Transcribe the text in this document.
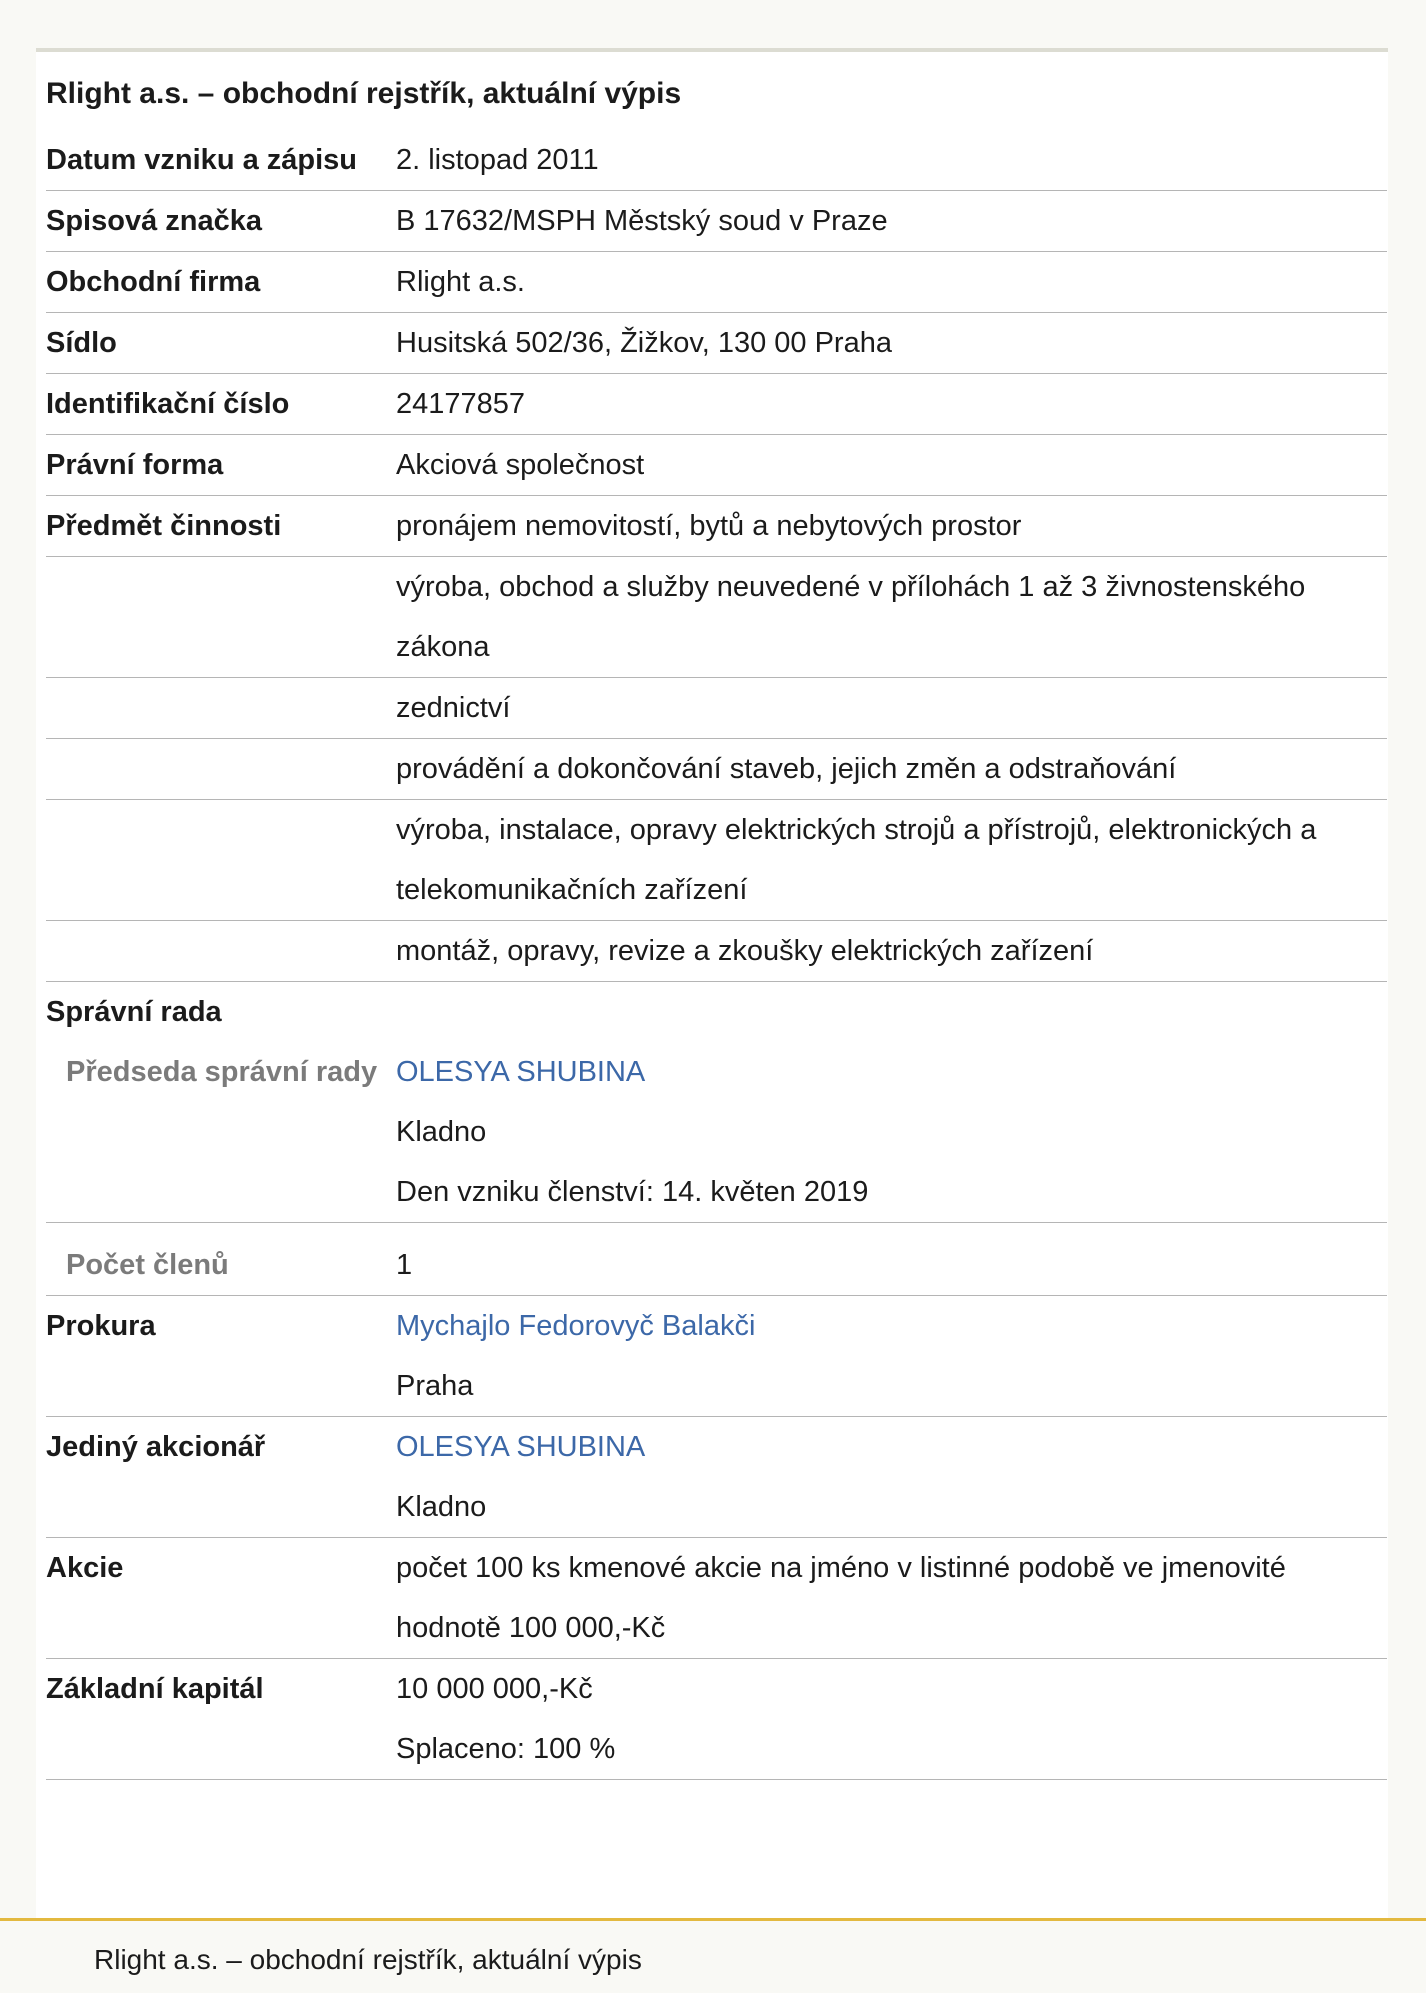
Rlight a.s. – obchodní rejstřík, aktuální výpis
Datum vzniku a zápisu	2. listopad 2011
Spisová značka	B 17632/MSPH Městský soud v Praze
Obchodní firma	Rlight a.s.
Sídlo	Husitská 502/36, Žižkov, 130 00 Praha
Identifikační číslo	24177857
Právní forma	Akciová společnost
Předmět činnosti	pronájem nemovitostí, bytů a nebytových prostor
	výroba, obchod a služby neuvedené v přílohách 1 až 3 živnostenského zákona
	zednictví
	provádění a dokončování staveb, jejich změn a odstraňování
	výroba, instalace, opravy elektrických strojů a přístrojů, elektronických a telekomunikačních zařízení
	montáž, opravy, revize a zkoušky elektrických zařízení
Správní rada	
Předseda správní rady	OLESYA SHUBINA
Kladno
Den vzniku členství: 14. květen 2019

Počet členů	1
Prokura	Mychajlo Fedorovyč Balakči
Praha

Jediný akcionář	OLESYA SHUBINA
Kladno

Akcie	počet 100 ks kmenové akcie na jméno v listinné podobě ve jmenovité hodnotě 100 000,-Kč
Základní kapitál	10 000 000,-Kč
Splaceno: 100 %
Rlight a.s. – obchodní rejstřík, aktuální výpis
